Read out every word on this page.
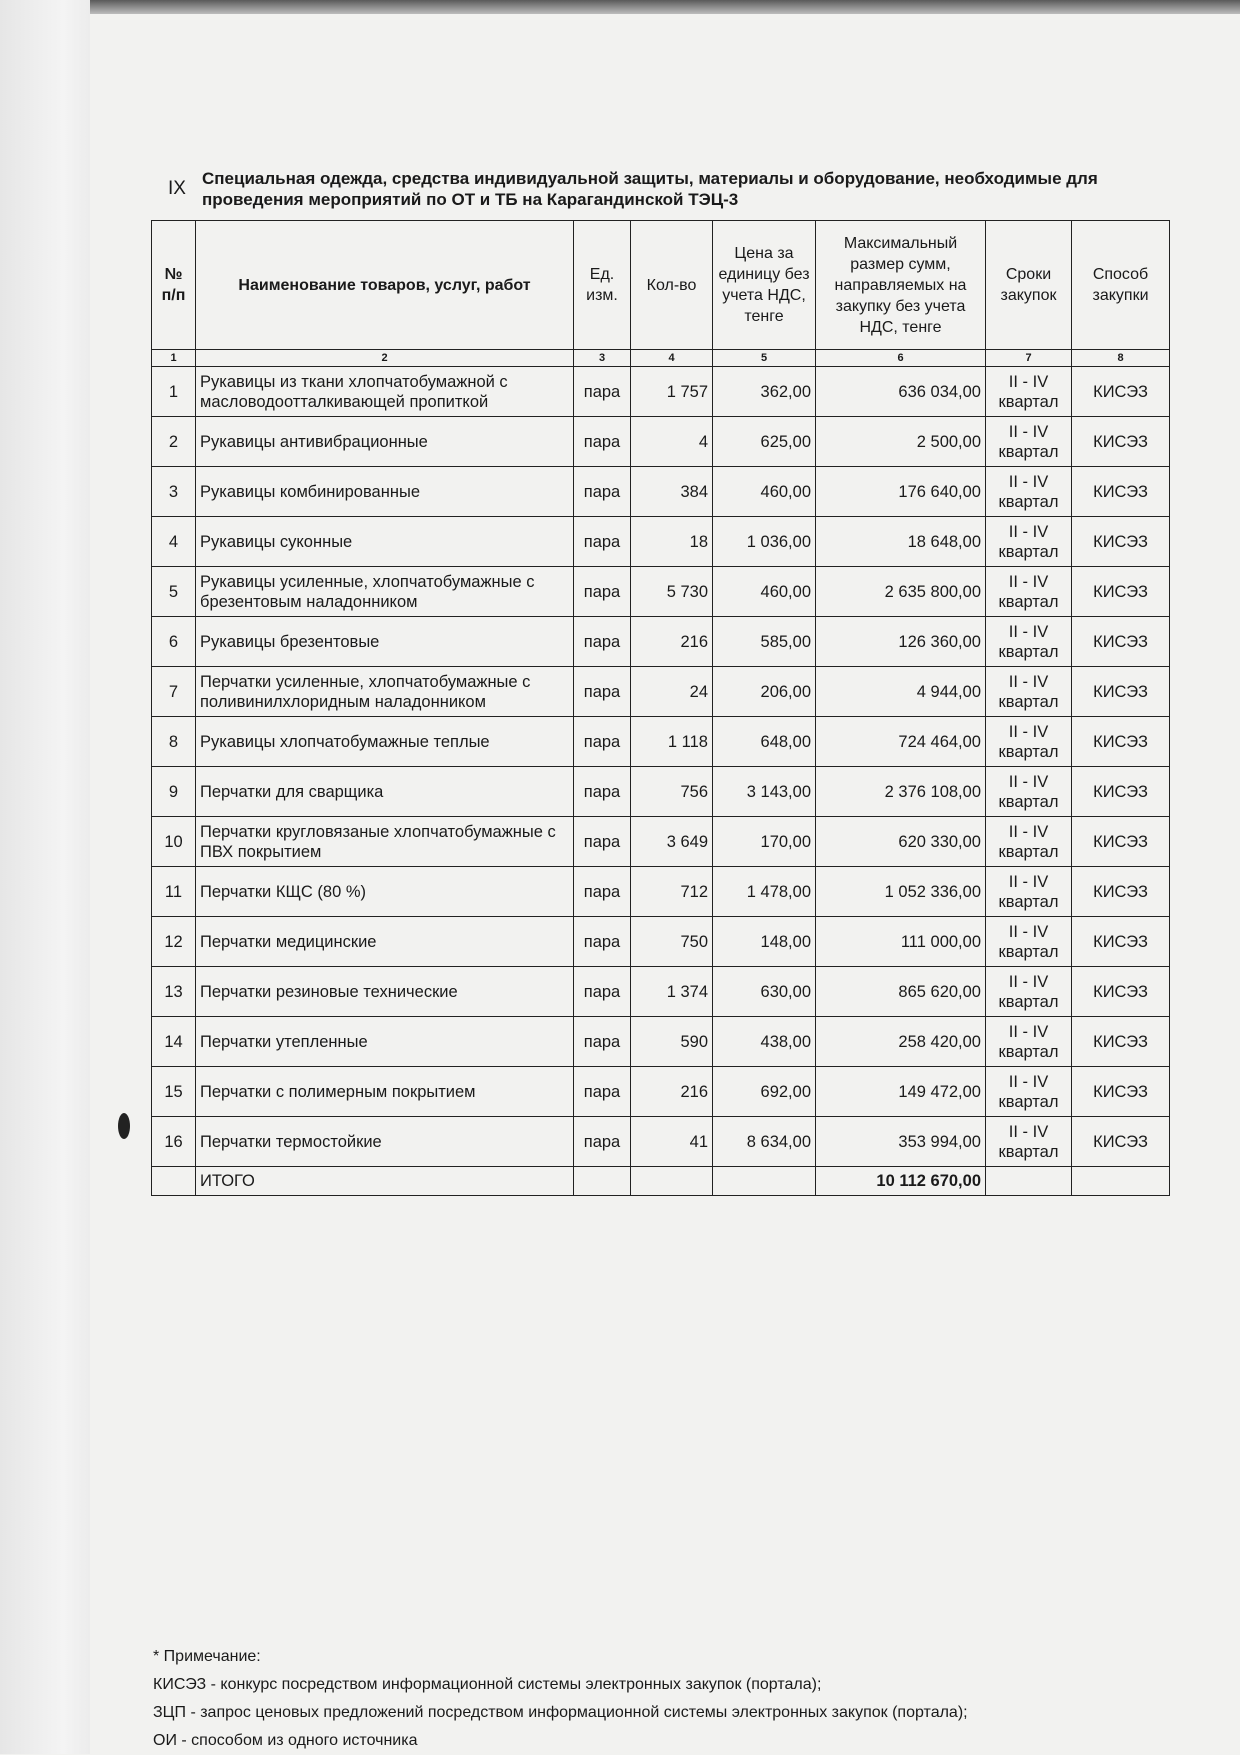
IX Специальная одежда, средства индивидуальной защиты, материалы и оборудование, необходимые для проведения мероприятий по ОТ и ТБ на Карагандинской ТЭЦ-3
№ п/п	Наименование товаров, услуг, работ	Ед. изм.	Кол-во	Цена за единицу без учета НДС, тенге	Максимальный размер сумм, направляемых на закупку без учета НДС, тенге	Сроки закупок	Способ закупки
1	2	3	4	5	6	7	8
1	Рукавицы из ткани хлопчатобумажной с масловодоотталкивающей пропиткой	пара	1 757	362,00	636 034,00	II - IV квартал	КИСЭЗ
2	Рукавицы антивибрационные	пара	4	625,00	2 500,00	II - IV квартал	КИСЭЗ
3	Рукавицы комбинированные	пара	384	460,00	176 640,00	II - IV квартал	КИСЭЗ
4	Рукавицы суконные	пара	18	1 036,00	18 648,00	II - IV квартал	КИСЭЗ
5	Рукавицы усиленные, хлопчатобумажные с брезентовым наладонником	пара	5 730	460,00	2 635 800,00	II - IV квартал	КИСЭЗ
6	Рукавицы брезентовые	пара	216	585,00	126 360,00	II - IV квартал	КИСЭЗ
7	Перчатки усиленные, хлопчатобумажные с поливинилхлоридным наладонником	пара	24	206,00	4 944,00	II - IV квартал	КИСЭЗ
8	Рукавицы хлопчатобумажные теплые	пара	1 118	648,00	724 464,00	II - IV квартал	КИСЭЗ
9	Перчатки для сварщика	пара	756	3 143,00	2 376 108,00	II - IV квартал	КИСЭЗ
10	Перчатки кругловязаные хлопчатобумажные с ПВХ покрытием	пара	3 649	170,00	620 330,00	II - IV квартал	КИСЭЗ
11	Перчатки КЩС (80 %)	пара	712	1 478,00	1 052 336,00	II - IV квартал	КИСЭЗ
12	Перчатки медицинские	пара	750	148,00	111 000,00	II - IV квартал	КИСЭЗ
13	Перчатки резиновые технические	пара	1 374	630,00	865 620,00	II - IV квартал	КИСЭЗ
14	Перчатки утепленные	пара	590	438,00	258 420,00	II - IV квартал	КИСЭЗ
15	Перчатки с полимерным покрытием	пара	216	692,00	149 472,00	II - IV квартал	КИСЭЗ
16	Перчатки термостойкие	пара	41	8 634,00	353 994,00	II - IV квартал	КИСЭЗ
	ИТОГО				10 112 670,00		
* Примечание:
КИСЭЗ - конкурс посредством информационной системы электронных закупок (портала);
ЗЦП - запрос ценовых предложений посредством информационной системы электронных закупок (портала);
ОИ - способом из одного источника
